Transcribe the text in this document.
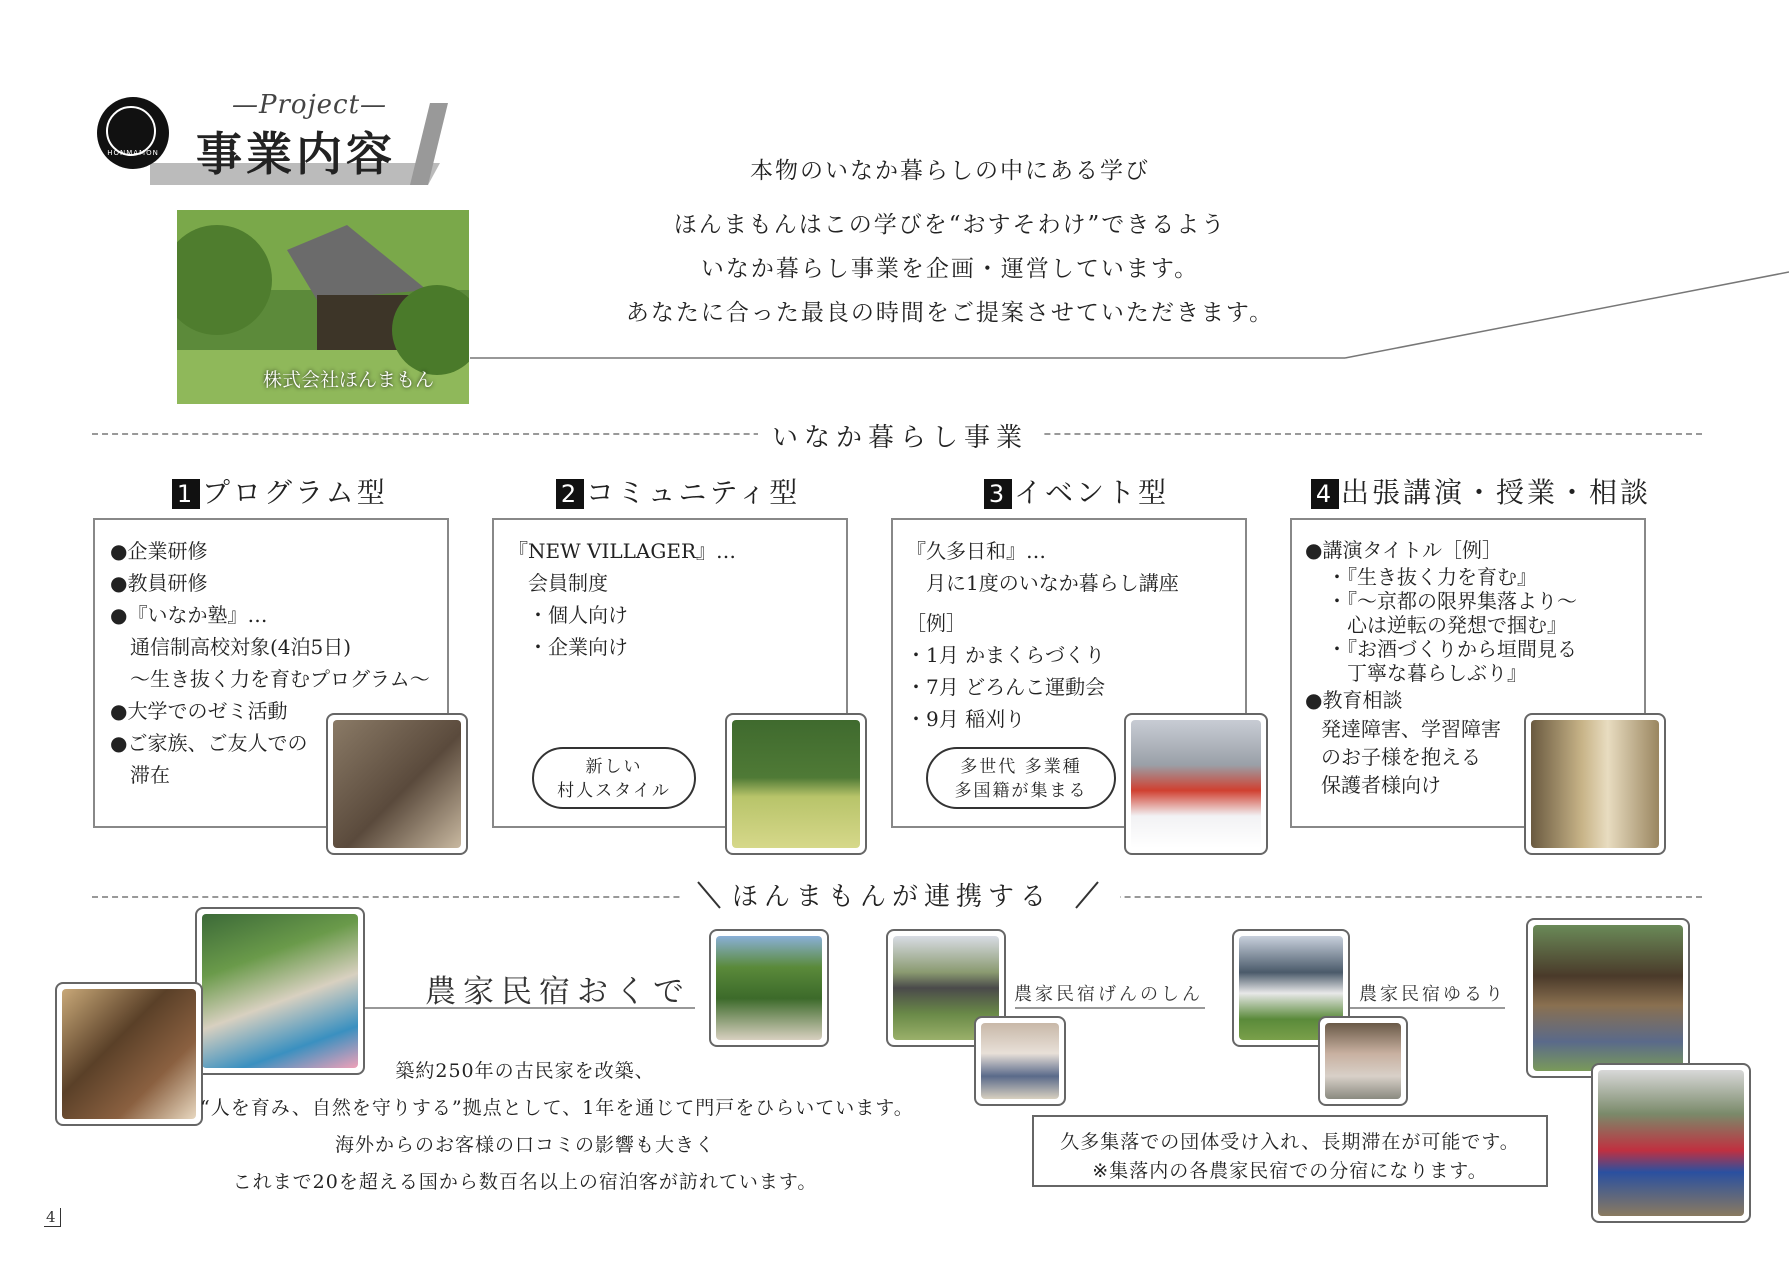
HONMAMON
—Project—
事業内容
株式会社ほんまもん
本物のいなか暮らしの中にある学び
ほんまもんはこの学びを“おすそわけ”できるよう
いなか暮らし事業を企画・運営しています。
あなたに合った最良の時間をご提案させていただきます。
いなか暮らし事業
1 プログラム型	2 コミュニティ型	3 イベント型	4 出張講演・授業・相談
●企業研修
●教員研修
●『いなか塾』…
　通信制高校対象(4泊5日)
　〜生き抜く力を育むプログラム〜
●大学でのゼミ活動
●ご家族、ご友人での
　滞在
『NEW VILLAGER』…
　会員制度
　・個人向け
　・企業向け
新しい
村人スタイル
『久多日和』…
　月に1度のいなか暮らし講座
［例］
・1月 かまくらづくり
・7月 どろんこ運動会
・9月 稲刈り
多世代 多業種
多国籍が集まる
●講演タイトル［例］
・『生き抜く力を育む』
・『〜京都の限界集落より〜
　心は逆転の発想で掴む』
・『お酒づくりから垣間見る
　丁寧な暮らしぶり』
●教育相談
発達障害、学習障害
のお子様を抱える
保護者様向け
ほんまもんが連携する
農家民宿おくで
築約250年の古民家を改築、
“人を育み、自然を守りする”拠点として、1年を通じて門戸をひらいています。
海外からのお客様の口コミの影響も大きく
これまで20を超える国から数百名以上の宿泊客が訪れています。
農家民宿げんのしん	農家民宿ゆるり
久多集落での団体受け入れ、長期滞在が可能です。
※集落内の各農家民宿での分宿になります。
4
